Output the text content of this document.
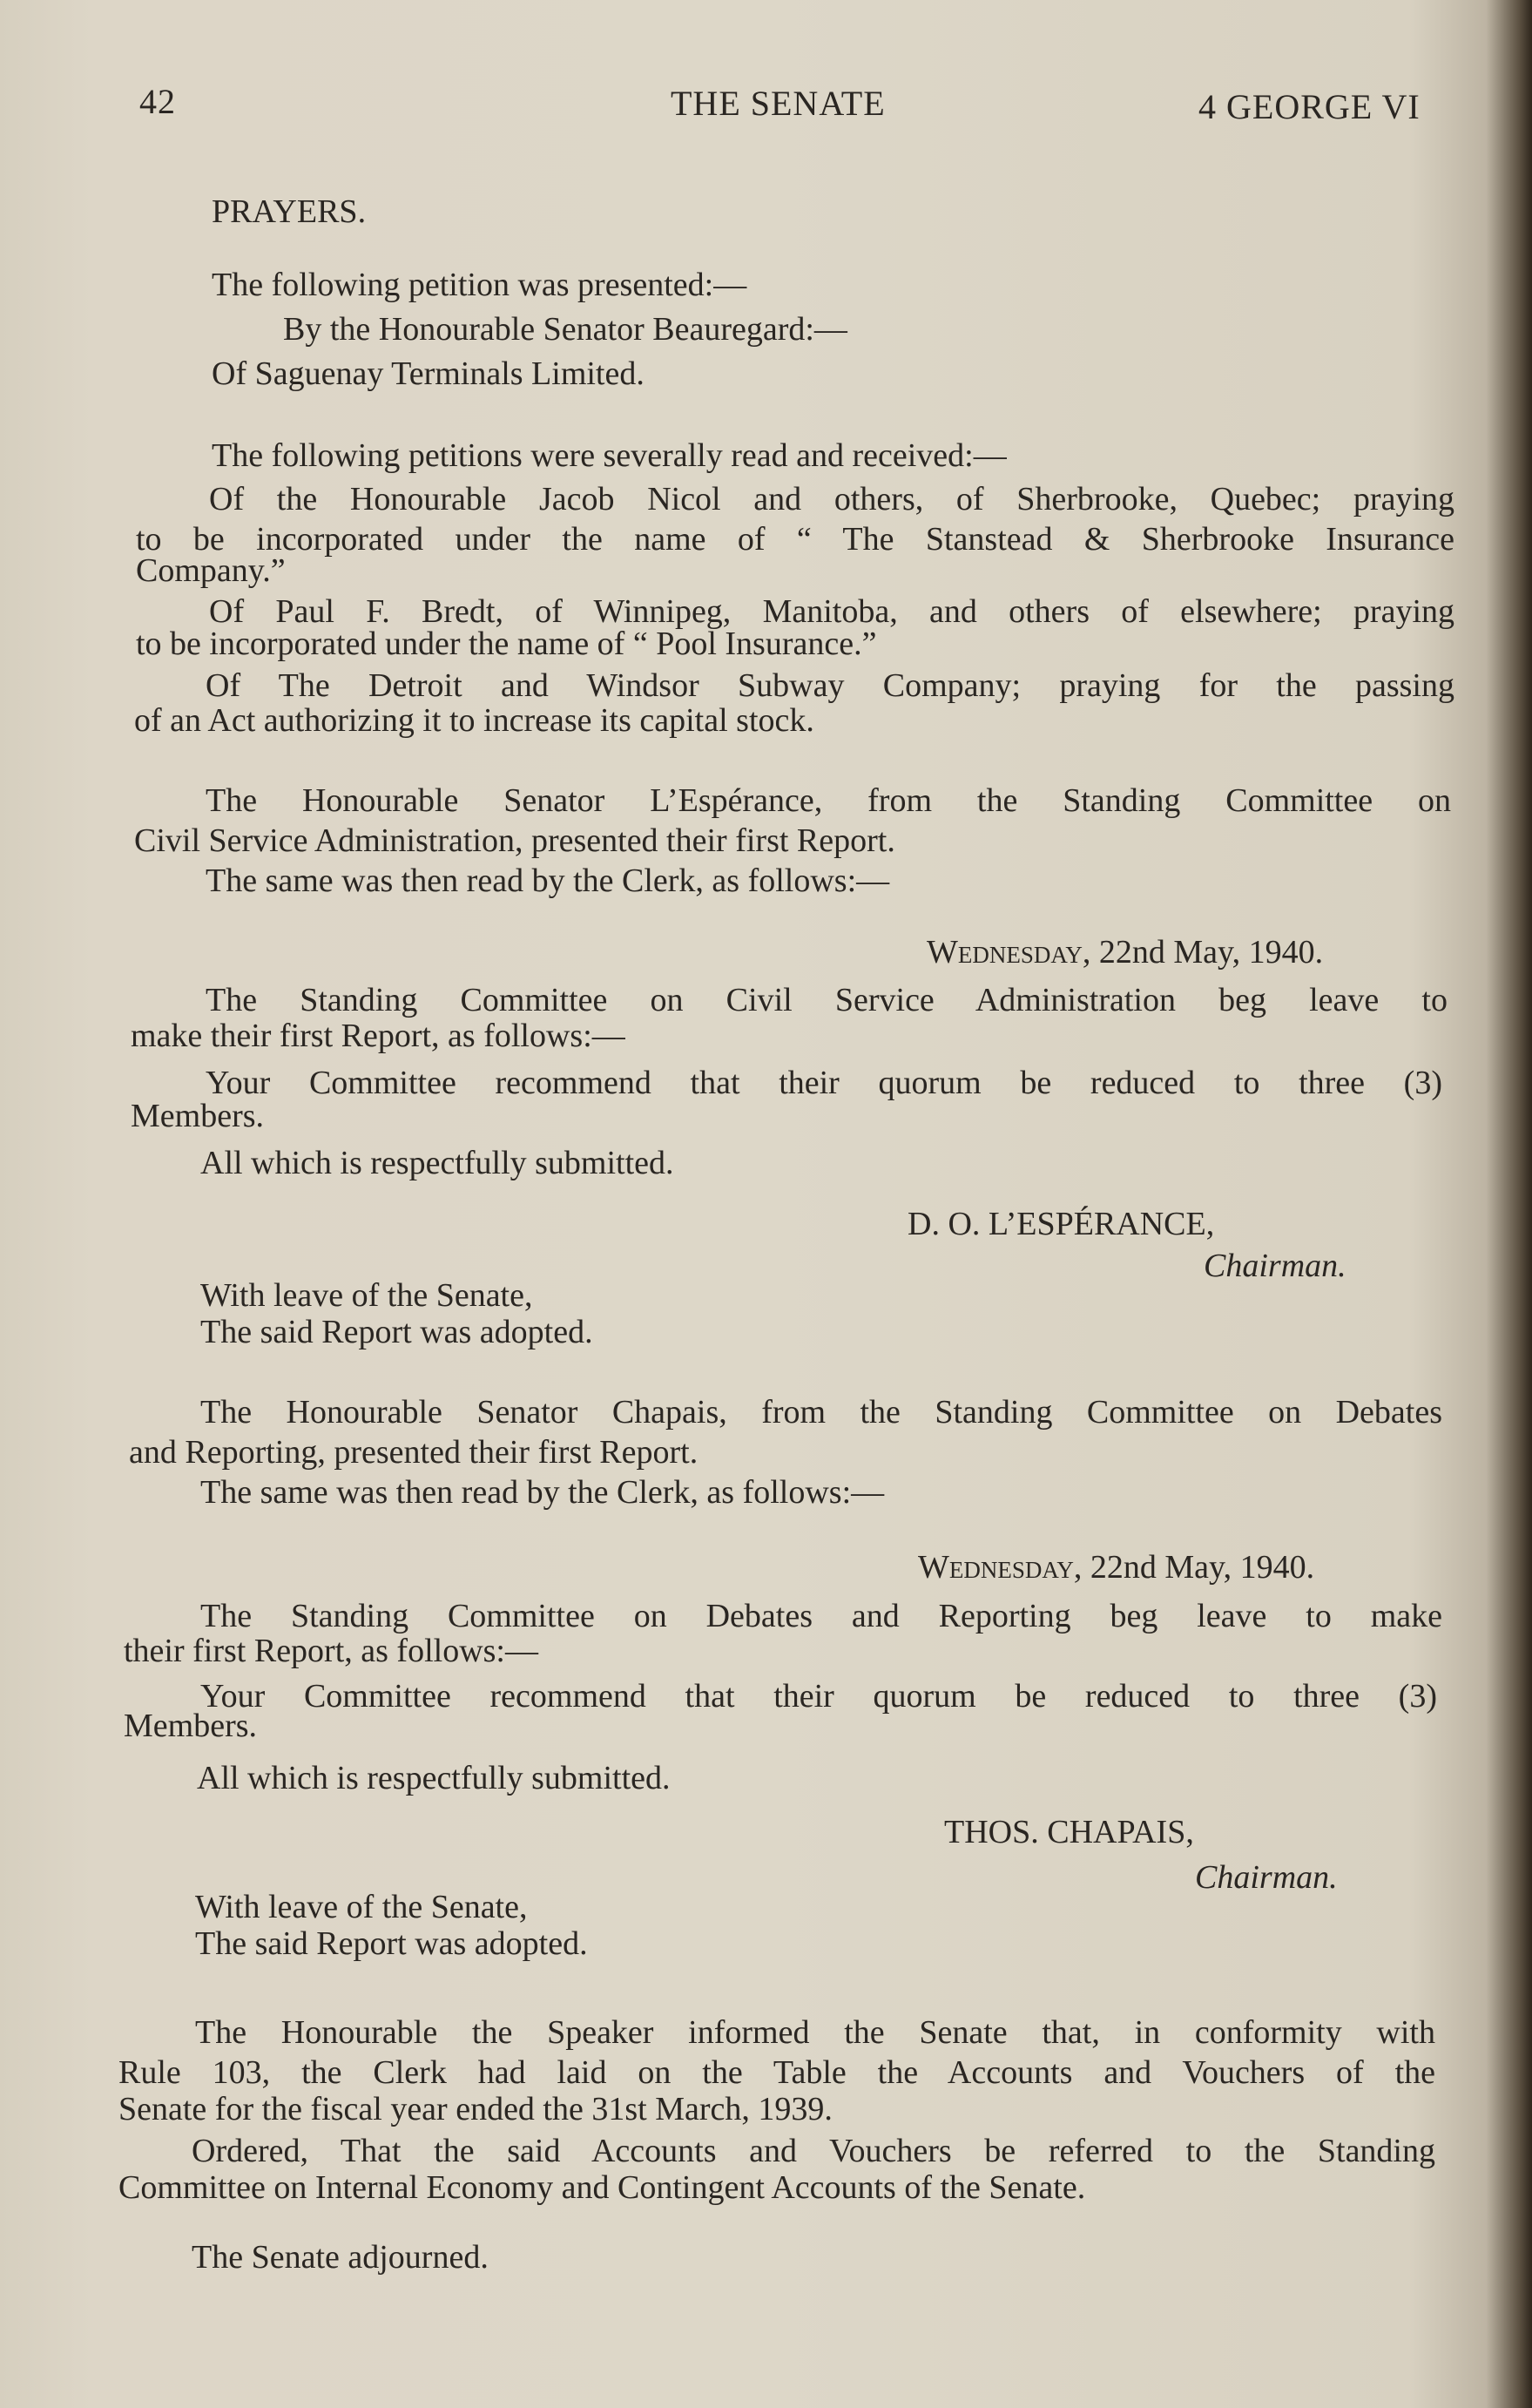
42	THE SENATE	4 GEORGE VI
PRAYERS.
The following petition was presented:—
By the Honourable Senator Beauregard:—
Of Saguenay Terminals Limited.
The following petitions were severally read and received:—
Of the Honourable Jacob Nicol and others, of Sherbrooke, Quebec; praying
to be incorporated under the name of “ The Stanstead & Sherbrooke Insurance
Company.”
Of Paul F. Bredt, of Winnipeg, Manitoba, and others of elsewhere; praying
to be incorporated under the name of “ Pool Insurance.”
Of The Detroit and Windsor Subway Company; praying for the passing
of an Act authorizing it to increase its capital stock.
The Honourable Senator L’Espérance, from the Standing Committee on
Civil Service Administration, presented their first Report.
The same was then read by the Clerk, as follows:—
Wednesday, 22nd May, 1940.
The Standing Committee on Civil Service Administration beg leave to
make their first Report, as follows:—
Your Committee recommend that their quorum be reduced to three (3)
Members.
All which is respectfully submitted.
D. O. L’ESPÉRANCE,
Chairman.
With leave of the Senate,
The said Report was adopted.
The Honourable Senator Chapais, from the Standing Committee on Debates
and Reporting, presented their first Report.
The same was then read by the Clerk, as follows:—
Wednesday, 22nd May, 1940.
The Standing Committee on Debates and Reporting beg leave to make
their first Report, as follows:—
Your Committee recommend that their quorum be reduced to three (3)
Members.
All which is respectfully submitted.
THOS. CHAPAIS,
Chairman.
With leave of the Senate,
The said Report was adopted.
The Honourable the Speaker informed the Senate that, in conformity with
Rule 103, the Clerk had laid on the Table the Accounts and Vouchers of the
Senate for the fiscal year ended the 31st March, 1939.
Ordered, That the said Accounts and Vouchers be referred to the Standing
Committee on Internal Economy and Contingent Accounts of the Senate.
The Senate adjourned.
